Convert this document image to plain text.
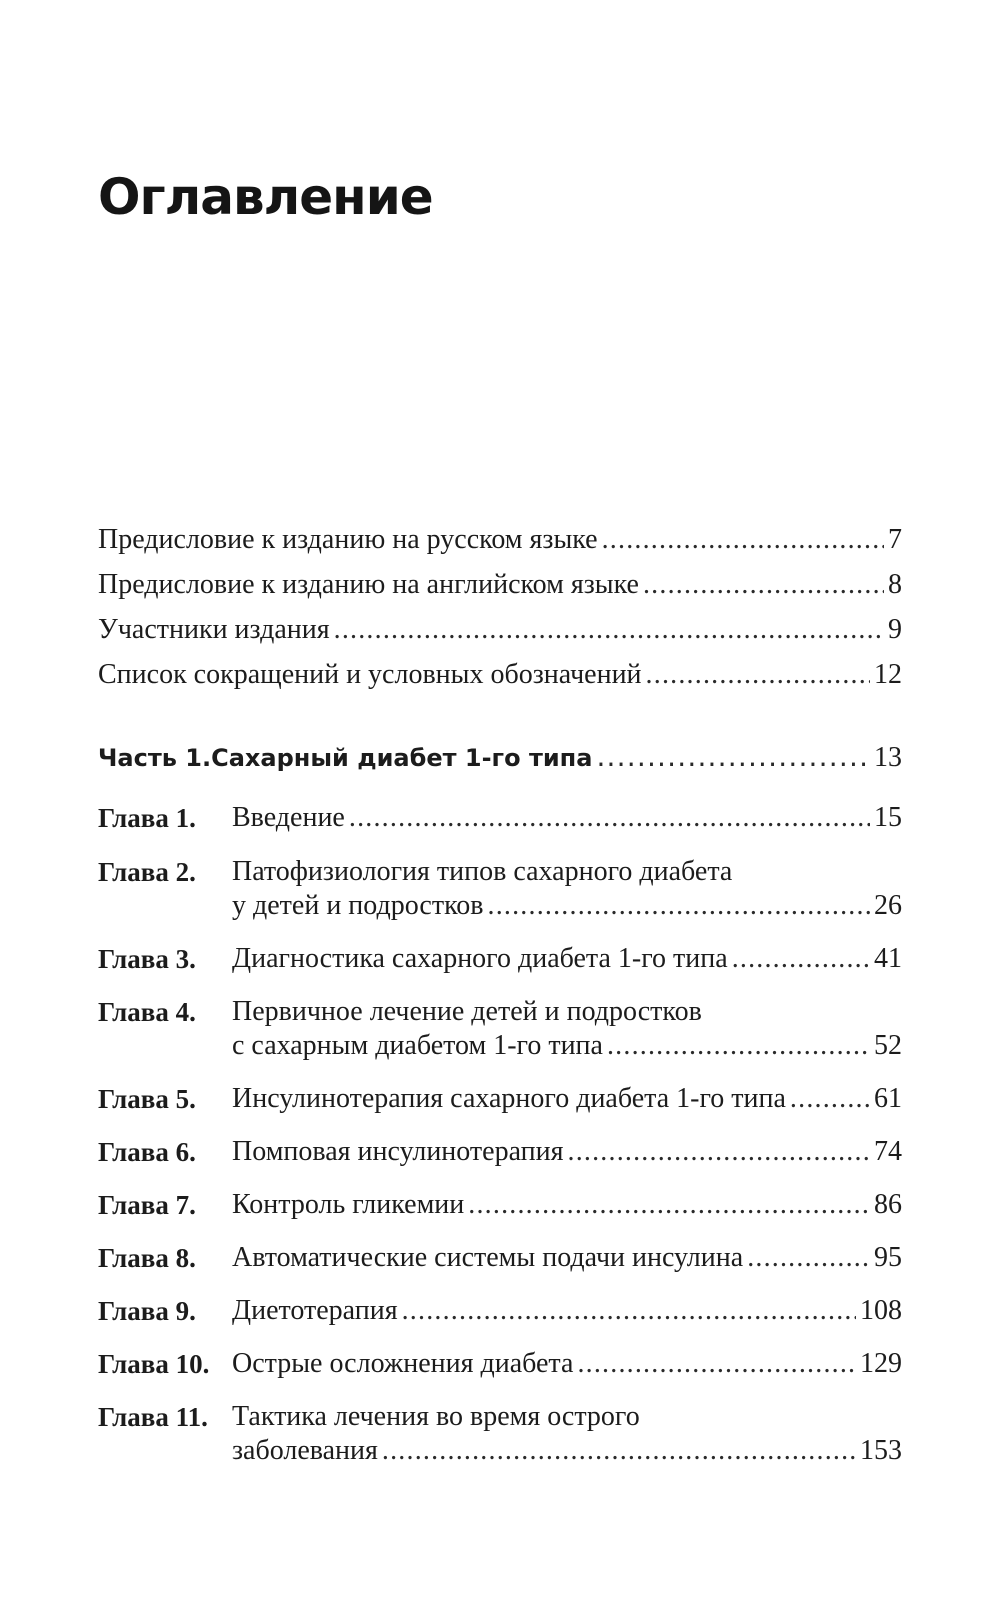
Оглавление
Предисловие к изданию на русском языке .....	7
Предисловие к изданию на английском языке .....	8
Участники издания .....	9
Список сокращений и условных обозначений .....	12
Часть 1. Сахарный диабет 1-го типа .....	13
Глава 1. Введение .....	15
Глава 2. Патофизиология типов сахарного диабета
у детей и подростков .....	26
Глава 3. Диагностика сахарного диабета 1-го типа .....	41
Глава 4. Первичное лечение детей и подростков
с сахарным диабетом 1-го типа .....	52
Глава 5. Инсулинотерапия сахарного диабета 1-го типа .....	61
Глава 6. Помповая инсулинотерапия .....	74
Глава 7. Контроль гликемии .....	86
Глава 8. Автоматические системы подачи инсулина .....	95
Глава 9. Диетотерапия .....	108
Глава 10. Острые осложнения диабета .....	129
Глава 11. Тактика лечения во время острого
заболевания .....	153
